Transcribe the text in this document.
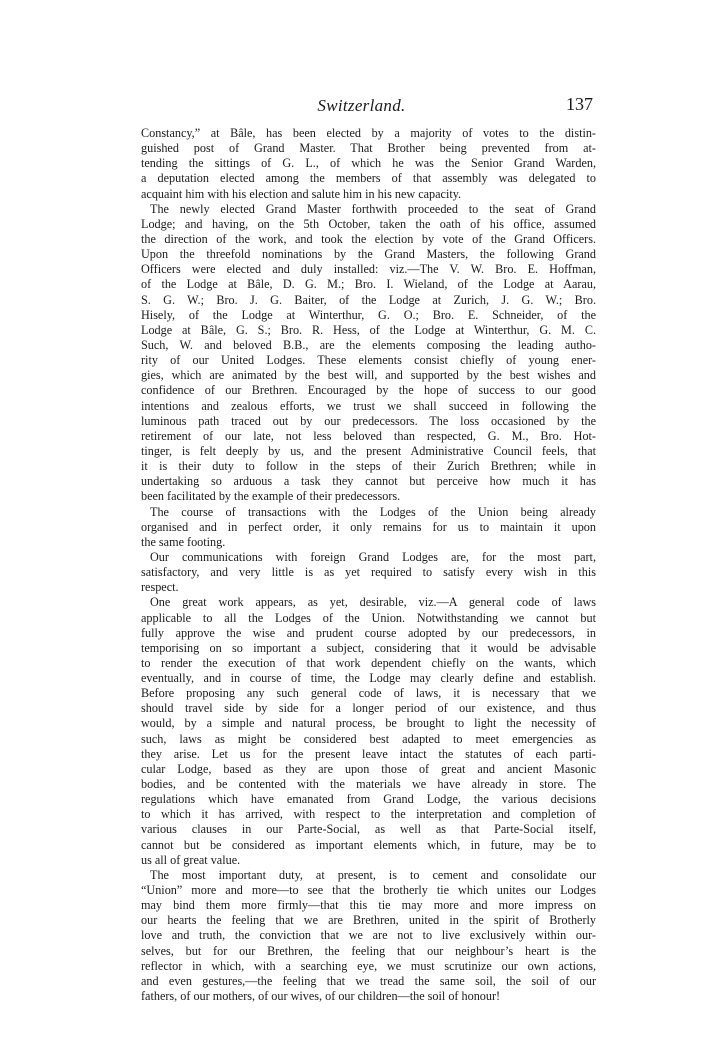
Switzerland.	137
Constancy,” at Bâle, has been elected by a majority of votes to the distin-
guished post of Grand Master. That Brother being prevented from at-
tending the sittings of G. L., of which he was the Senior Grand Warden,
a deputation elected among the members of that assembly was delegated to
acquaint him with his election and salute him in his new capacity.
The newly elected Grand Master forthwith proceeded to the seat of Grand
Lodge; and having, on the 5th October, taken the oath of his office, assumed
the direction of the work, and took the election by vote of the Grand Officers.
Upon the threefold nominations by the Grand Masters, the following Grand
Officers were elected and duly installed: viz.—The V. W. Bro. E. Hoffman,
of the Lodge at Bâle, D. G. M.; Bro. I. Wieland, of the Lodge at Aarau,
S. G. W.; Bro. J. G. Baiter, of the Lodge at Zurich, J. G. W.; Bro.
Hisely, of the Lodge at Winterthur, G. O.; Bro. E. Schneider, of the
Lodge at Bâle, G. S.; Bro. R. Hess, of the Lodge at Winterthur, G. M. C.
Such, W. and beloved B.B., are the elements composing the leading autho-
rity of our United Lodges. These elements consist chiefly of young ener-
gies, which are animated by the best will, and supported by the best wishes and
confidence of our Brethren. Encouraged by the hope of success to our good
intentions and zealous efforts, we trust we shall succeed in following the
luminous path traced out by our predecessors. The loss occasioned by the
retirement of our late, not less beloved than respected, G. M., Bro. Hot-
tinger, is felt deeply by us, and the present Administrative Council feels, that
it is their duty to follow in the steps of their Zurich Brethren; while in
undertaking so arduous a task they cannot but perceive how much it has
been facilitated by the example of their predecessors.
The course of transactions with the Lodges of the Union being already
organised and in perfect order, it only remains for us to maintain it upon
the same footing.
Our communications with foreign Grand Lodges are, for the most part,
satisfactory, and very little is as yet required to satisfy every wish in this
respect.
One great work appears, as yet, desirable, viz.—A general code of laws
applicable to all the Lodges of the Union. Notwithstanding we cannot but
fully approve the wise and prudent course adopted by our predecessors, in
temporising on so important a subject, considering that it would be advisable
to render the execution of that work dependent chiefly on the wants, which
eventually, and in course of time, the Lodge may clearly define and establish.
Before proposing any such general code of laws, it is necessary that we
should travel side by side for a longer period of our existence, and thus
would, by a simple and natural process, be brought to light the necessity of
such, laws as might be considered best adapted to meet emergencies as
they arise. Let us for the present leave intact the statutes of each parti-
cular Lodge, based as they are upon those of great and ancient Masonic
bodies, and be contented with the materials we have already in store. The
regulations which have emanated from Grand Lodge, the various decisions
to which it has arrived, with respect to the interpretation and completion of
various clauses in our Parte-Social, as well as that Parte-Social itself,
cannot but be considered as important elements which, in future, may be to
us all of great value.
The most important duty, at present, is to cement and consolidate our
“Union” more and more—to see that the brotherly tie which unites our Lodges
may bind them more firmly—that this tie may more and more impress on
our hearts the feeling that we are Brethren, united in the spirit of Brotherly
love and truth, the conviction that we are not to live exclusively within our-
selves, but for our Brethren, the feeling that our neighbour’s heart is the
reflector in which, with a searching eye, we must scrutinize our own actions,
and even gestures,—the feeling that we tread the same soil, the soil of our
fathers, of our mothers, of our wives, of our children—the soil of honour!
